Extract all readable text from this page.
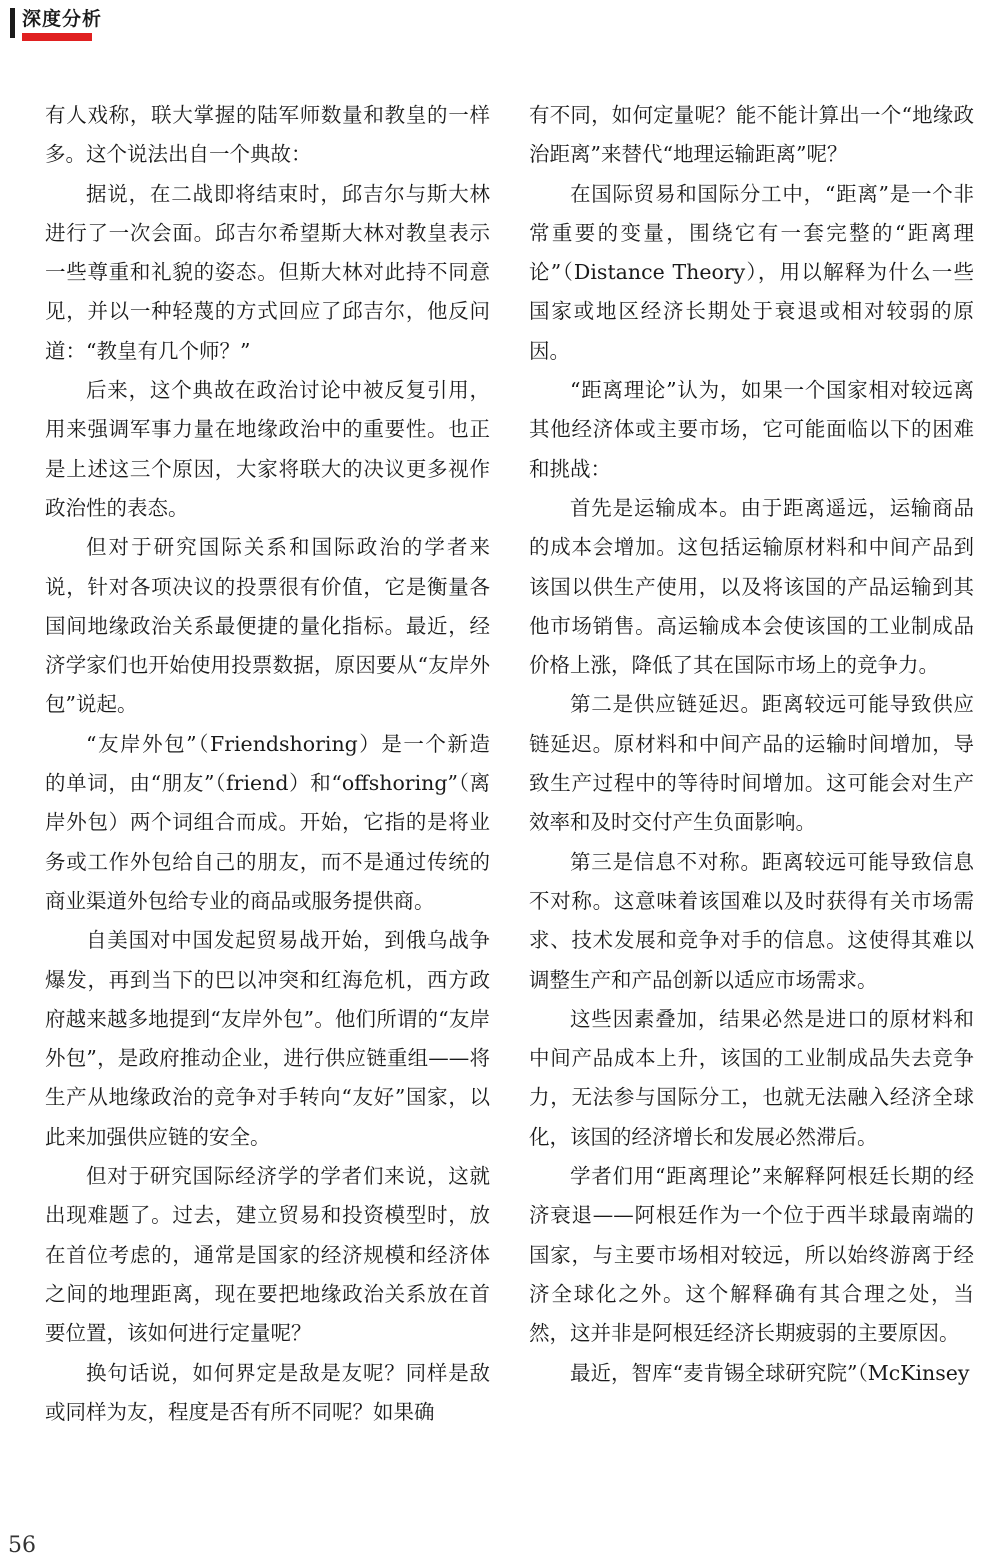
深度分析

有人戏称，联大掌握的陆军师数量和教皇的一样多。这个说法出自一个典故：

据说，在二战即将结束时，邱吉尔与斯大林进行了一次会面。邱吉尔希望斯大林对教皇表示一些尊重和礼貌的姿态。但斯大林对此持不同意见，并以一种轻蔑的方式回应了邱吉尔，他反问道：“教皇有几个师？”

后来，这个典故在政治讨论中被反复引用，用来强调军事力量在地缘政治中的重要性。也正是上述这三个原因，大家将联大的决议更多视作政治性的表态。

但对于研究国际关系和国际政治的学者来说，针对各项决议的投票很有价值，它是衡量各国间地缘政治关系最便捷的量化指标。最近，经济学家们也开始使用投票数据，原因要从“友岸外包”说起。

“友岸外包”（Friendshoring）是一个新造的单词，由“朋友”（friend）和“offshoring”（离岸外包）两个词组合而成。开始，它指的是将业务或工作外包给自己的朋友，而不是通过传统的商业渠道外包给专业的商品或服务提供商。

自美国对中国发起贸易战开始，到俄乌战争爆发，再到当下的巴以冲突和红海危机，西方政府越来越多地提到“友岸外包”。他们所谓的“友岸外包”，是政府推动企业，进行供应链重组——将生产从地缘政治的竞争对手转向“友好”国家，以此来加强供应链的安全。

但对于研究国际经济学的学者们来说，这就出现难题了。过去，建立贸易和投资模型时，放在首位考虑的，通常是国家的经济规模和经济体之间的地理距离，现在要把地缘政治关系放在首要位置，该如何进行定量呢？

换句话说，如何界定是敌是友呢？同样是敌或同样为友，程度是否有所不同呢？如果确

有不同，如何定量呢？能不能计算出一个“地缘政治距离”来替代“地理运输距离”呢？

在国际贸易和国际分工中，“距离”是一个非常重要的变量，围绕它有一套完整的“距离理论”（Distance Theory），用以解释为什么一些国家或地区经济长期处于衰退或相对较弱的原因。

“距离理论”认为，如果一个国家相对较远离其他经济体或主要市场，它可能面临以下的困难和挑战：

首先是运输成本。由于距离遥远，运输商品的成本会增加。这包括运输原材料和中间产品到该国以供生产使用，以及将该国的产品运输到其他市场销售。高运输成本会使该国的工业制成品价格上涨，降低了其在国际市场上的竞争力。

第二是供应链延迟。距离较远可能导致供应链延迟。原材料和中间产品的运输时间增加，导致生产过程中的等待时间增加。这可能会对生产效率和及时交付产生负面影响。

第三是信息不对称。距离较远可能导致信息不对称。这意味着该国难以及时获得有关市场需求、技术发展和竞争对手的信息。这使得其难以调整生产和产品创新以适应市场需求。

这些因素叠加，结果必然是进口的原材料和中间产品成本上升，该国的工业制成品失去竞争力，无法参与国际分工，也就无法融入经济全球化，该国的经济增长和发展必然滞后。

学者们用“距离理论”来解释阿根廷长期的经济衰退——阿根廷作为一个位于西半球最南端的国家，与主要市场相对较远，所以始终游离于经济全球化之外。这个解释确有其合理之处，当然，这并非是阿根廷经济长期疲弱的主要原因。

最近，智库“麦肯锡全球研究院”（McKinsey

56
